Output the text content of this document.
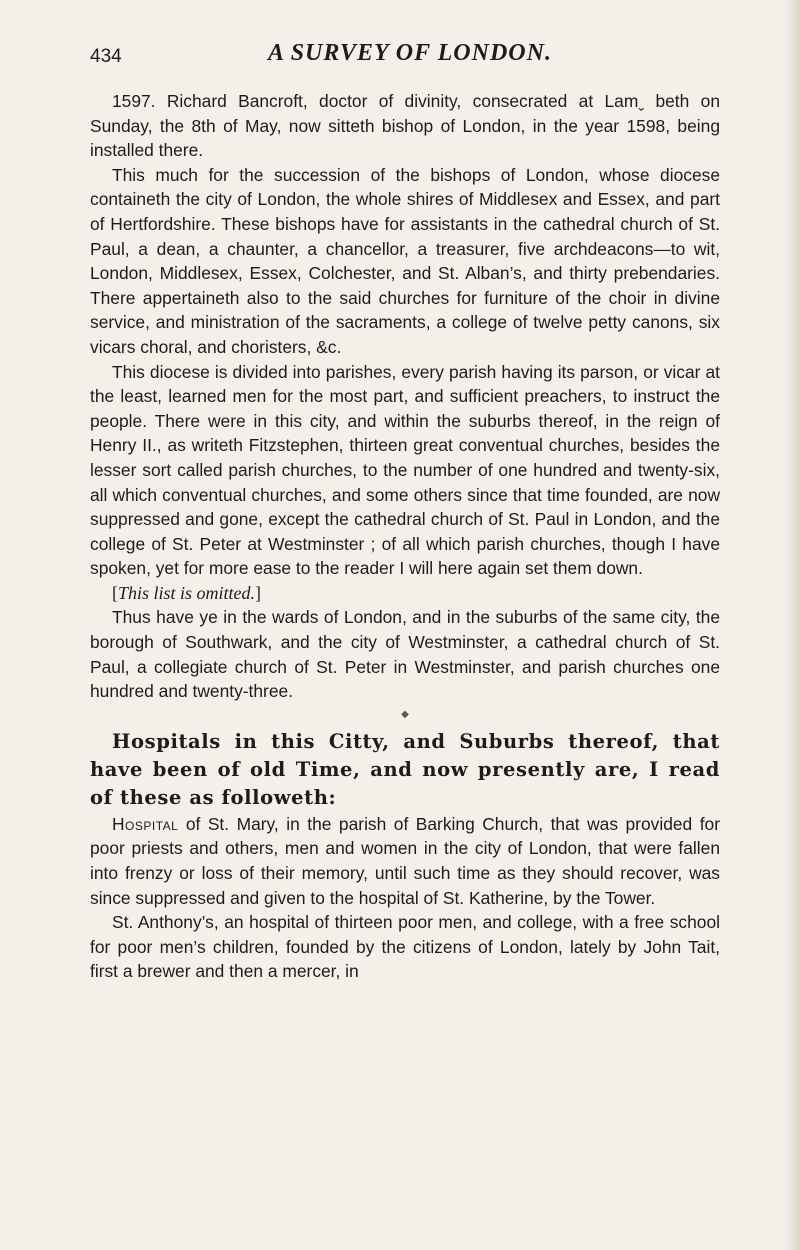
434	A SURVEY OF LONDON.

1597. Richard Bancroft, doctor of divinity, consecrated at Lamˬ beth on Sunday, the 8th of May, now sitteth bishop of London, in the year 1598, being installed there.

This much for the succession of the bishops of London, whose diocese containeth the city of London, the whole shires of Middlesex and Essex, and part of Hertfordshire. These bishops have for assistants in the cathedral church of St. Paul, a dean, a chaunter, a chancellor, a treasurer, five archdeacons—to wit, London, Middlesex, Essex, Colchester, and St. Alban’s, and thirty prebendaries. There appertaineth also to the said churches for furniture of the choir in divine service, and ministration of the sacraments, a college of twelve petty canons, six vicars choral, and choristers, &c.

This diocese is divided into parishes, every parish having its parson, or vicar at the least, learned men for the most part, and sufficient preachers, to instruct the people. There were in this city, and within the suburbs thereof, in the reign of Henry II., as writeth Fitzstephen, thirteen great conventual churches, besides the lesser sort called parish churches, to the number of one hundred and twenty-six, all which conventual churches, and some others since that time founded, are now suppressed and gone, except the cathedral church of St. Paul in London, and the college of St. Peter at Westminster ; of all which parish churches, though I have spoken, yet for more ease to the reader I will here again set them down.

[This list is omitted.]

Thus have ye in the wards of London, and in the suburbs of the same city, the borough of Southwark, and the city of Westminster, a cathedral church of St. Paul, a collegiate church of St. Peter in Westminster, and parish churches one hundred and twenty-three.

◆

Hospitals in this Citty, and Suburbs thereof, that have been of old Time, and now presently are, I read of these as followeth:

Hospital of St. Mary, in the parish of Barking Church, that was provided for poor priests and others, men and women in the city of London, that were fallen into frenzy or loss of their memory, until such time as they should recover, was since suppressed and given to the hospital of St. Katherine, by the Tower.

St. Anthony’s, an hospital of thirteen poor men, and college, with a free school for poor men’s children, founded by the citizens of London, lately by John Tait, first a brewer and then a mercer, in
